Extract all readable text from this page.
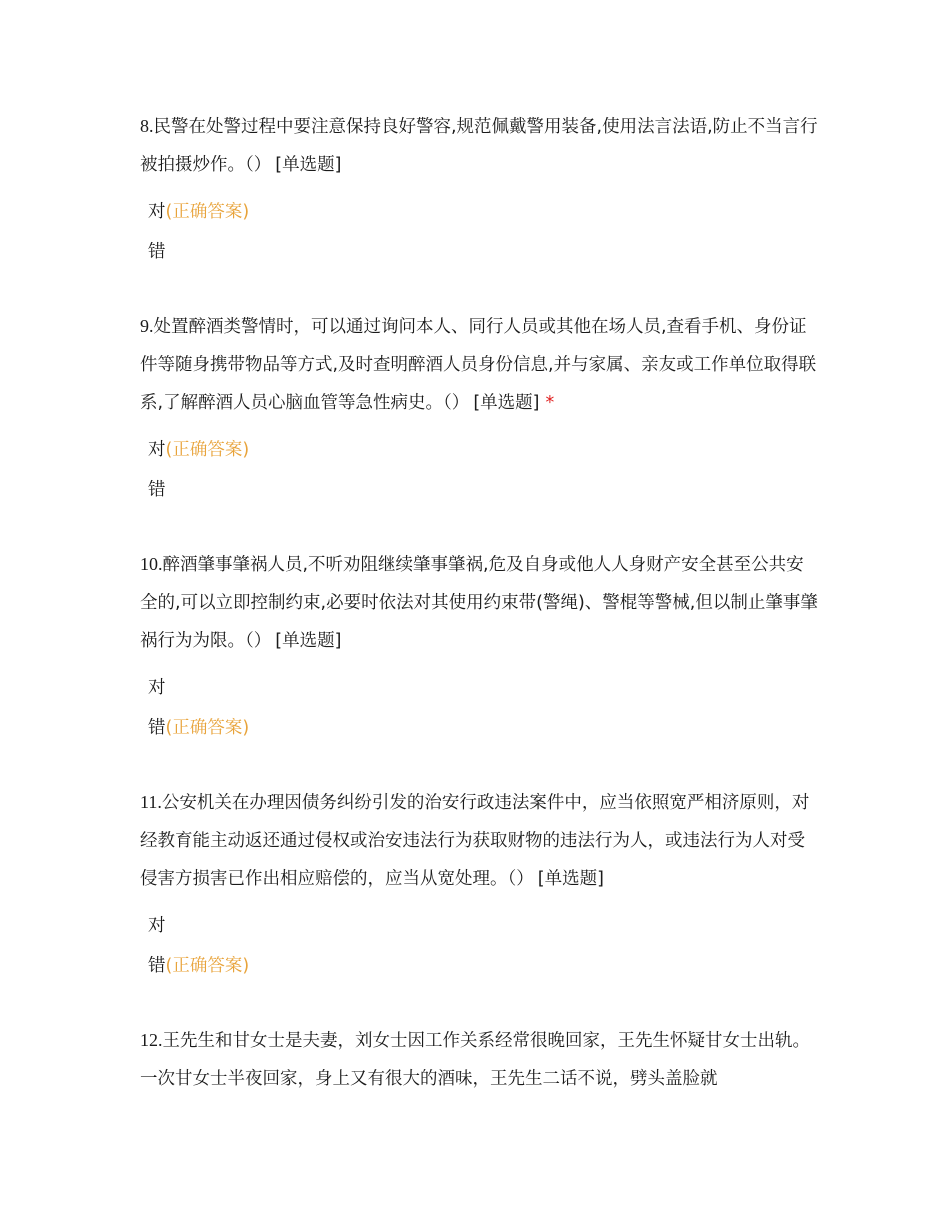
8.民警在处警过程中要注意保持良好警容,规范佩戴警用装备,使用法言法语,防止不当言行被拍摄炒作。（） [单选题]

对(正确答案)
错

9.处置醉酒类警情时，可以通过询问本人、同行人员或其他在场人员,查看手机、身份证件等随身携带物品等方式,及时查明醉酒人员身份信息,并与家属、亲友或工作单位取得联系,了解醉酒人员心脑血管等急性病史。（） [单选题] *

对(正确答案)
错

10.醉酒肇事肇祸人员,不听劝阻继续肇事肇祸,危及自身或他人人身财产安全甚至公共安全的,可以立即控制约束,必要时依法对其使用约束带(警绳)、警棍等警械,但以制止肇事肇祸行为为限。（） [单选题]

对
错(正确答案)

11.公安机关在办理因债务纠纷引发的治安行政违法案件中，应当依照宽严相济原则，对经教育能主动返还通过侵权或治安违法行为获取财物的违法行为人，或违法行为人对受侵害方损害已作出相应赔偿的，应当从宽处理。（） [单选题]

对
错(正确答案)

12.王先生和甘女士是夫妻，刘女士因工作关系经常很晚回家，王先生怀疑甘女士出轨。一次甘女士半夜回家，身上又有很大的酒味，王先生二话不说，劈头盖脸就
